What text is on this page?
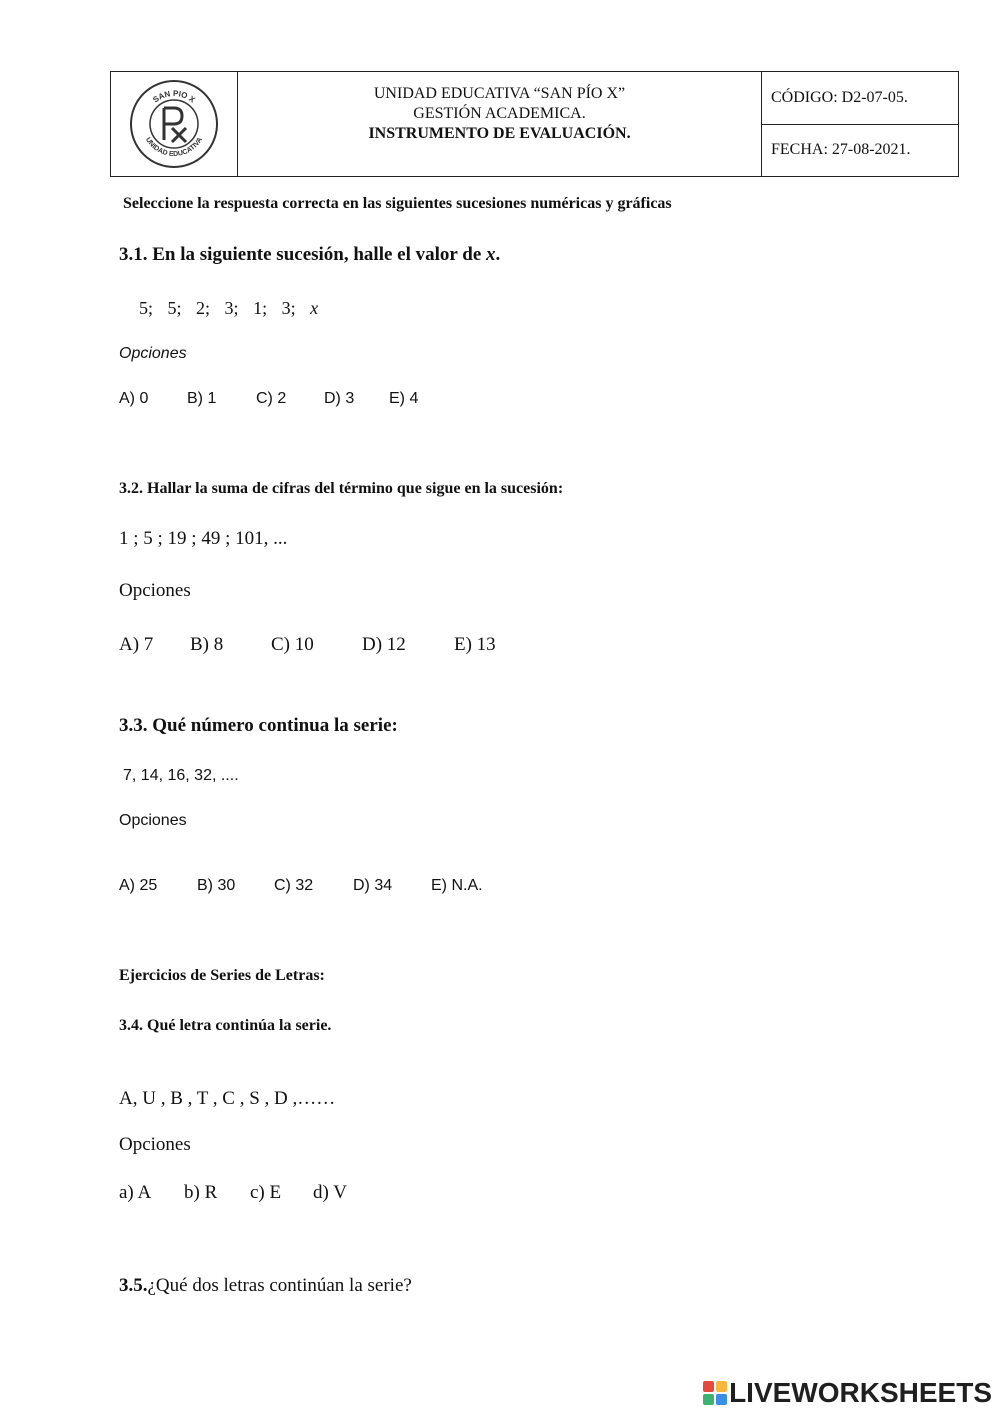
SAN PIO X
UNIDAD EDUCATIVA
UNIDAD EDUCATIVA “SAN PÍO X”
GESTIÓN ACADEMICA.
INSTRUMENTO DE EVALUACIÓN.
CÓDIGO: D2-07-05.
FECHA: 27-08-2021.
Seleccione la respuesta correcta en las siguientes sucesiones numéricas y gráficas
3.1. En la siguiente sucesión, halle el valor de x.
5; 5; 2; 3; 1; 3; x
Opciones
A) 0	B) 1	C) 2	D) 3	E) 4
3.2. Hallar la suma de cifras del término que sigue en la sucesión:
1 ; 5 ; 19 ; 49 ; 101, ...
Opciones
A) 7	B) 8	C) 10	D) 12	E) 13
3.3. Qué número continua la serie:
7, 14, 16, 32, ....
Opciones
A) 25	B) 30	C) 32	D) 34	E) N.A.
Ejercicios de Series de Letras:
3.4. Qué letra continúa la serie.
A, U , B , T , C , S , D ,……
Opciones
a) A	b) R	c) E	d) V
3.5.¿Qué dos letras continúan la serie?
LIVEWORKSHEETS
